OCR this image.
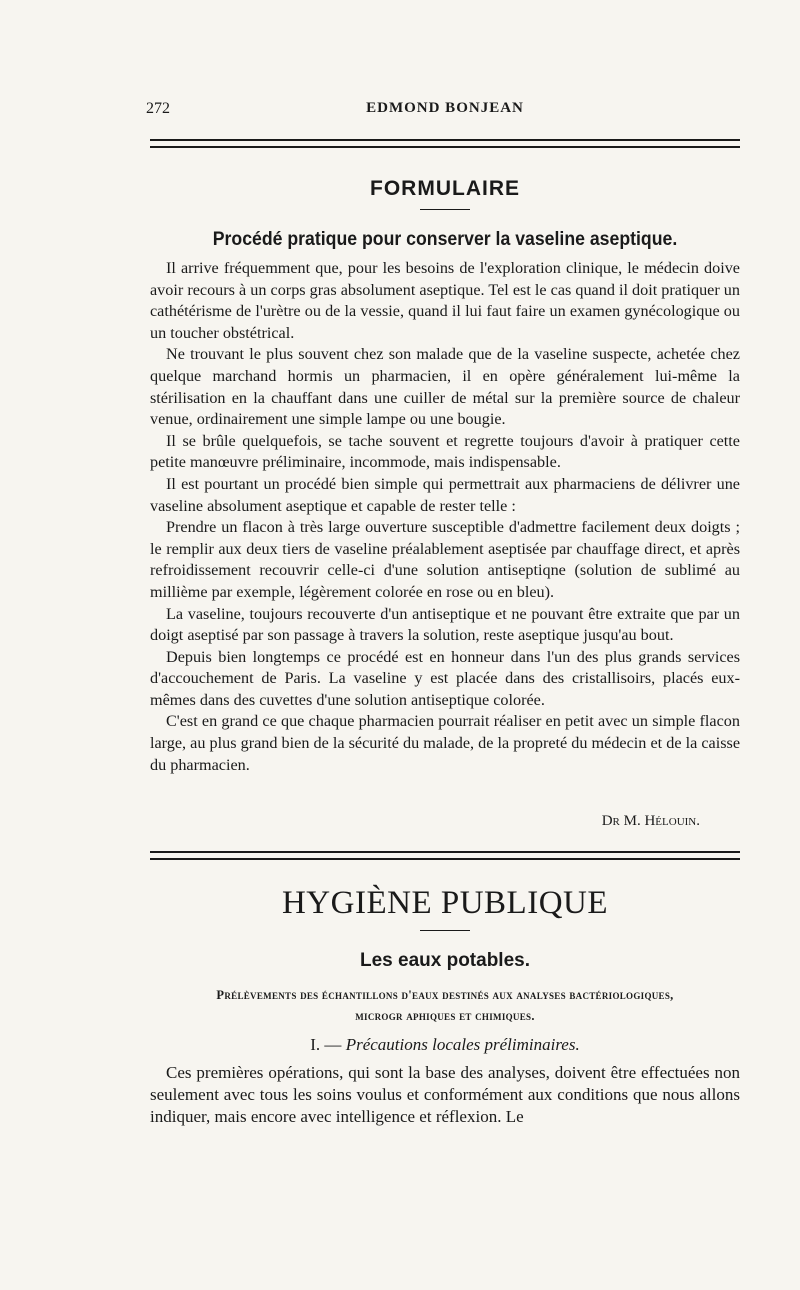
272	EDMOND BONJEAN
FORMULAIRE
Procédé pratique pour conserver la vaseline aseptique.

Il arrive fréquemment que, pour les besoins de l'exploration clinique, le médecin doive avoir recours à un corps gras absolument aseptique. Tel est le cas quand il doit pratiquer un cathétérisme de l'urètre ou de la vessie, quand il lui faut faire un examen gynécologique ou un toucher obstétrical.

Ne trouvant le plus souvent chez son malade que de la vaseline suspecte, achetée chez quelque marchand hormis un pharmacien, il en opère généralement lui-même la stérilisation en la chauffant dans une cuiller de métal sur la première source de chaleur venue, ordinairement une simple lampe ou une bougie.

Il se brûle quelquefois, se tache souvent et regrette toujours d'avoir à pratiquer cette petite manœuvre préliminaire, incommode, mais indispensable.

Il est pourtant un procédé bien simple qui permettrait aux pharmaciens de délivrer une vaseline absolument aseptique et capable de rester telle :

Prendre un flacon à très large ouverture susceptible d'admettre facilement deux doigts ; le remplir aux deux tiers de vaseline préalablement aseptisée par chauffage direct, et après refroidissement recouvrir celle-ci d'une solution antiseptiqne (solution de sublimé au millième par exemple, légèrement colorée en rose ou en bleu).

La vaseline, toujours recouverte d'un antiseptique et ne pouvant être extraite que par un doigt aseptisé par son passage à travers la solution, reste aseptique jusqu'au bout.

Depuis bien longtemps ce procédé est en honneur dans l'un des plus grands services d'accouchement de Paris. La vaseline y est placée dans des cristallisoirs, placés eux-mêmes dans des cuvettes d'une solution antiseptique colorée.

C'est en grand ce que chaque pharmacien pourrait réaliser en petit avec un simple flacon large, au plus grand bien de la sécurité du malade, de la propreté du médecin et de la caisse du pharmacien.

Dr M. Hélouin.
HYGIÈNE PUBLIQUE
Les eaux potables.
Prélèvements des échantillons d'eaux destinés aux analyses bactériologiques,
microgr aphiques et chimiques.
I. — Précautions locales préliminaires.

Ces premières opérations, qui sont la base des analyses, doivent être effectuées non seulement avec tous les soins voulus et conformément aux conditions que nous allons indiquer, mais encore avec intelligence et réflexion. Le
